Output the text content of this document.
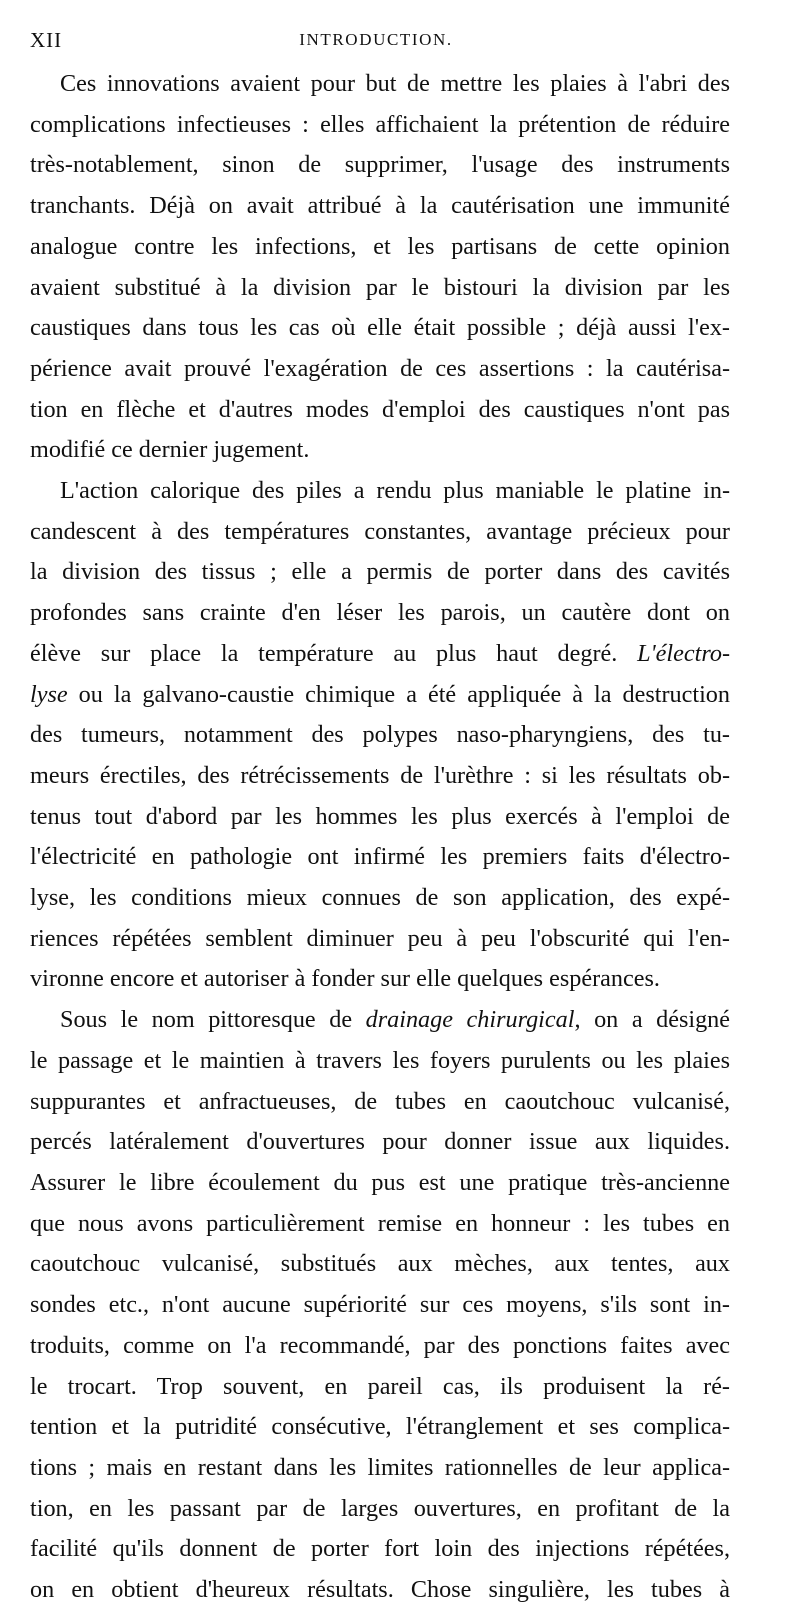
XII	INTRODUCTION.
Ces innovations avaient pour but de mettre les plaies à l'abri des
complications infectieuses : elles affichaient la prétention de réduire
très-notablement, sinon de supprimer, l'usage des instruments
tranchants. Déjà on avait attribué à la cautérisation une immunité
analogue contre les infections, et les partisans de cette opinion
avaient substitué à la division par le bistouri la division par les
caustiques dans tous les cas où elle était possible ; déjà aussi l'ex-
périence avait prouvé l'exagération de ces assertions : la cautérisa-
tion en flèche et d'autres modes d'emploi des caustiques n'ont pas
modifié ce dernier jugement.
L'action calorique des piles a rendu plus maniable le platine in-
candescent à des températures constantes, avantage précieux pour
la division des tissus ; elle a permis de porter dans des cavités
profondes sans crainte d'en léser les parois, un cautère dont on
élève sur place la température au plus haut degré. L'électro-
lyse ou la galvano-caustie chimique a été appliquée à la destruction
des tumeurs, notamment des polypes naso-pharyngiens, des tu-
meurs érectiles, des rétrécissements de l'urèthre : si les résultats ob-
tenus tout d'abord par les hommes les plus exercés à l'emploi de
l'électricité en pathologie ont infirmé les premiers faits d'électro-
lyse, les conditions mieux connues de son application, des expé-
riences répétées semblent diminuer peu à peu l'obscurité qui l'en-
vironne encore et autoriser à fonder sur elle quelques espérances.
Sous le nom pittoresque de drainage chirurgical, on a désigné
le passage et le maintien à travers les foyers purulents ou les plaies
suppurantes et anfractueuses, de tubes en caoutchouc vulcanisé,
percés latéralement d'ouvertures pour donner issue aux liquides.
Assurer le libre écoulement du pus est une pratique très-ancienne
que nous avons particulièrement remise en honneur : les tubes en
caoutchouc vulcanisé, substitués aux mèches, aux tentes, aux
sondes etc., n'ont aucune supériorité sur ces moyens, s'ils sont in-
troduits, comme on l'a recommandé, par des ponctions faites avec
le trocart. Trop souvent, en pareil cas, ils produisent la ré-
tention et la putridité consécutive, l'étranglement et ses complica-
tions ; mais en restant dans les limites rationnelles de leur applica-
tion, en les passant par de larges ouvertures, en profitant de la
facilité qu'ils donnent de porter fort loin des injections répétées,
on en obtient d'heureux résultats. Chose singulière, les tubes à
